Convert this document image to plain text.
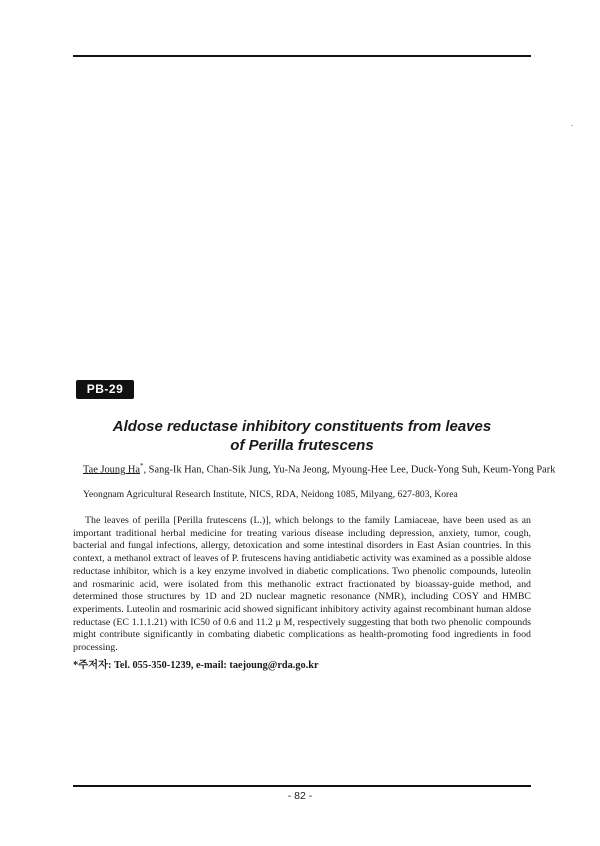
PB-29
Aldose reductase inhibitory constituents from leaves
of Perilla frutescens
Tae Joung Ha*, Sang-Ik Han, Chan-Sik Jung, Yu-Na Jeong, Myoung-Hee Lee, Duck-Yong Suh, Keum-Yong Park
Yeongnam Agricultural Research Institute, NICS, RDA, Neidong 1085, Milyang, 627-803, Korea
The leaves of perilla [Perilla frutescens (L.)], which belongs to the family Lamiaceae, have been used as an important traditional herbal medicine for treating various disease including depression, anxiety, tumor, cough, bacterial and fungal infections, allergy, detoxication and some intestinal disorders in East Asian countries. In this context, a methanol extract of leaves of P. frutescens having antidiabetic activity was examined as a possible aldose reductase inhibitor, which is a key enzyme involved in diabetic complications. Two phenolic compounds, luteolin and rosmarinic acid, were isolated from this methanolic extract fractionated by bioassay-guide method, and determined those structures by 1D and 2D nuclear magnetic resonance (NMR), including COSY and HMBC experiments. Luteolin and rosmarinic acid showed significant inhibitory activity against recombinant human aldose reductase (EC 1.1.1.21) with IC50 of 0.6 and 11.2 μ M, respectively suggesting that both two phenolic compounds might contribute significantly in combating diabetic complications as health-promoting food ingredients in food processing.
*주저자: Tel. 055-350-1239, e-mail: taejoung@rda.go.kr
- 82 -
